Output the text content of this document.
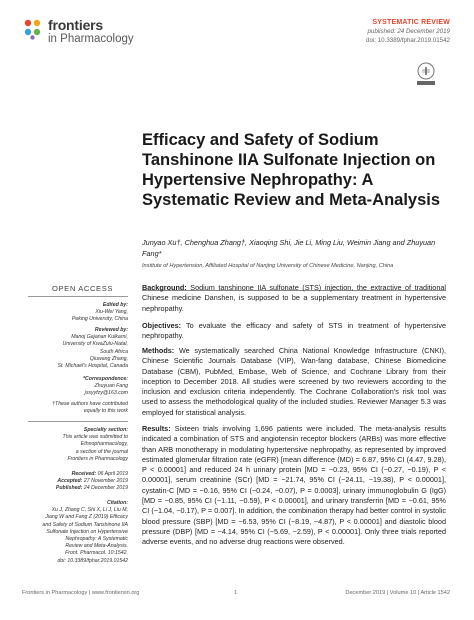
frontiers
in Pharmacology
SYSTEMATIC REVIEW
published: 24 December 2019
doi: 10.3389/fphar.2019.01542
Efficacy and Safety of Sodium Tanshinone IIA Sulfonate Injection on Hypertensive Nephropathy: A Systematic Review and Meta-Analysis
Junyao Xu†, Chenghua Zhang†, Xiaoqing Shi, Jie Li, Ming Liu, Weimin Jiang and Zhuyuan Fang*
Institute of Hypertension, Affiliated Hospital of Nanjing University of Chinese Medicine, Nanjing, China
OPEN ACCESS
Edited by:
Xiu-Wei Yang,
Peking University, China
Reviewed by:
Manoj Gajanan Kulkarni,
University of KwaZulu-Natal,
South Africa
Qiuwang Zhang,
St. Michael's Hospital, Canada
*Correspondence:
Zhuyuan Fang
jssyyfzy@163.com
†These authors have contributed
equally to this work
Specialty section:
This article was submitted to
Ethnopharmacology,
a section of the journal
Frontiers in Pharmacology
Received: 06 April 2019
Accepted: 27 November 2019
Published: 24 December 2019
Citation:
Xu J, Zhang C, Shi X, Li J, Liu M,
Jiang W and Fang Z (2019) Efficacy
and Safety of Sodium Tanshinone IIA
Sulfonate Injection on Hypertensive
Nephropathy: A Systematic
Review and Meta-Analysis.
Front. Pharmacol. 10:1542.
doi: 10.3389/fphar.2019.01542
Background: Sodium tanshinone IIA sulfonate (STS) injection, the extractive of traditional Chinese medicine Danshen, is supposed to be a supplementary treatment in hypertensive nephropathy.
Objectives: To evaluate the efficacy and safety of STS in treatment of hypertensive nephropathy.
Methods: We systematically searched China National Knowledge Infrastructure (CNKI), Chinese Scientific Journals Database (VIP), Wan-fang database, Chinese Biomedicine Database (CBM), PubMed, Embase, Web of Science, and Cochrane Library from their inception to December 2018. All studies were screened by two reviewers according to the inclusion and exclusion criteria independently. The Cochrane Collaboration's risk tool was used to assess the methodological quality of the included studies. Reviewer Manager 5.3 was employed for statistical analysis.
Results: Sixteen trials involving 1,696 patients were included. The meta-analysis results indicated a combination of STS and angiotensin receptor blockers (ARBs) was more effective than ARB monotherapy in modulating hypertensive nephropathy, as represented by improved estimated glomerular filtration rate (eGFR) [mean difference (MD) = 6.87, 95% CI (4.47, 9.28), P < 0.00001] and reduced 24 h urinary protein [MD = −0.23, 95% CI (−0.27, −0.19), P < 0.00001], serum creatinine (SCr) [MD = −21.74, 95% CI (−24.11, −19.38), P < 0.00001], cystatin-C [MD = −0.16, 95% CI (−0.24, −0.07), P = 0.0003], urinary immunoglobulin G (IgG) [MD = −0.85, 95% CI (−1.11, −0.59), P < 0.00001], and urinary transferrin [MD = −0.61, 95% CI (−1.04, −0.17), P = 0.007]. In addition, the combination therapy had better control in systolic blood pressure (SBP) [MD = −6.53, 95% CI (−8.19, −4.87), P < 0.00001] and diastolic blood pressure (DBP) [MD = −4.14, 95% CI (−5.69, −2.59), P < 0.00001]. Only three trials reported adverse events, and no adverse drug reactions were observed.
Frontiers in Pharmacology | www.frontiersin.org	1	December 2019 | Volume 10 | Article 1542
